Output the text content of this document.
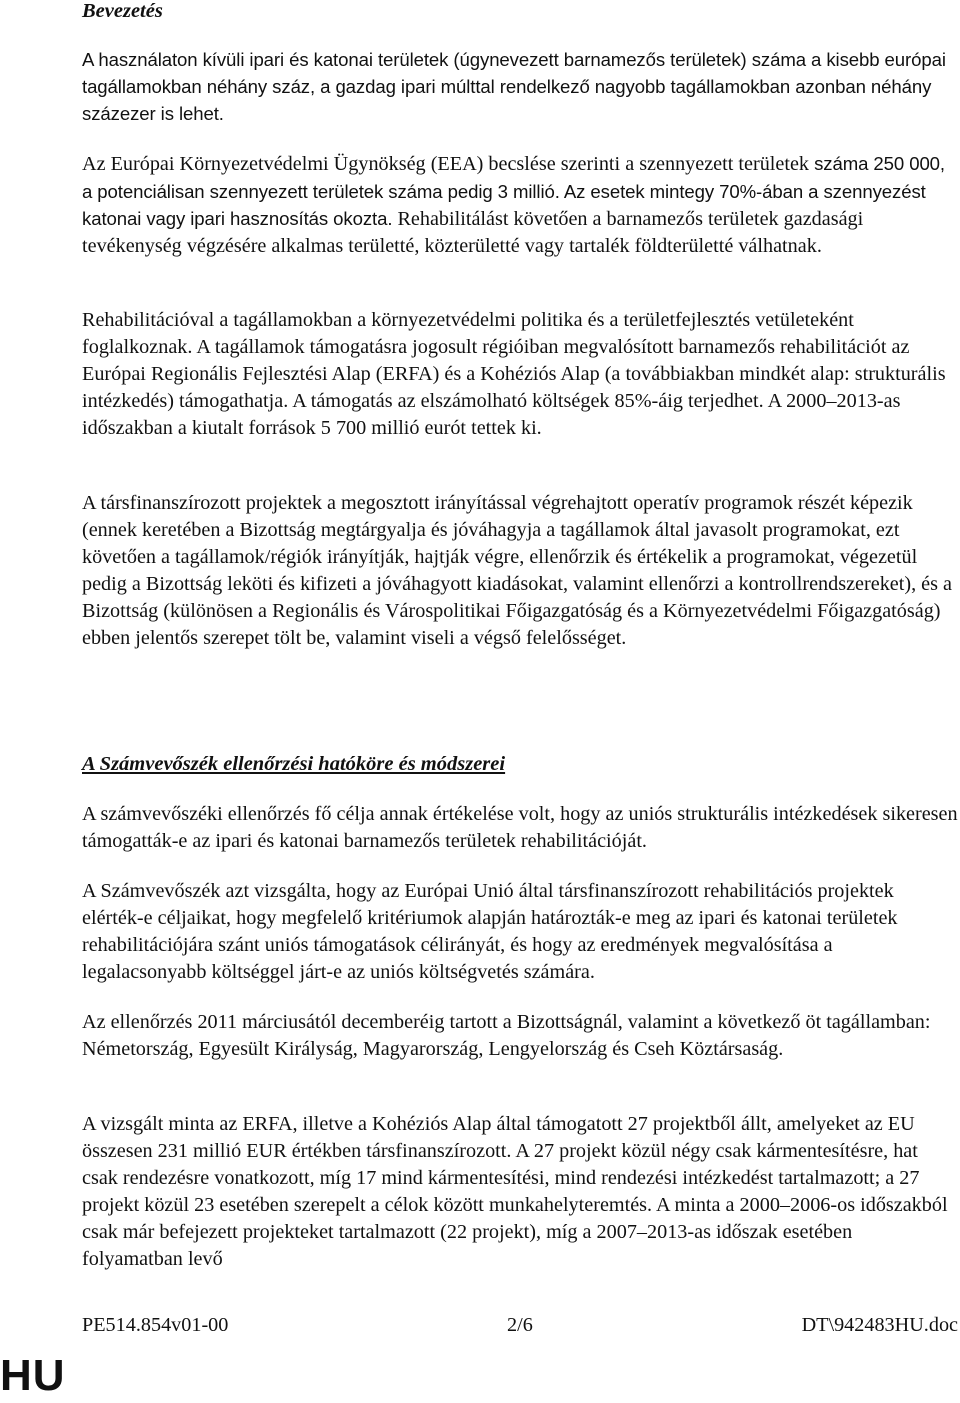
Bevezetés

A használaton kívüli ipari és katonai területek (úgynevezett barnamezős területek) száma a kisebb európai tagállamokban néhány száz, a gazdag ipari múlttal rendelkező nagyobb tagállamokban azonban néhány százezer is lehet.

Az Európai Környezetvédelmi Ügynökség (EEA) becslése szerinti a szennyezett területek száma 250 000, a potenciálisan szennyezett területek száma pedig 3 millió. Az esetek mintegy 70%-ában a szennyezést katonai vagy ipari hasznosítás okozta. Rehabilitálást követően a barnamezős területek gazdasági tevékenység végzésére alkalmas területté, közterületté vagy tartalék földterületté válhatnak.

Rehabilitációval a tagállamokban a környezetvédelmi politika és a területfejlesztés vetületeként foglalkoznak. A tagállamok támogatásra jogosult régióiban megvalósított barnamezős rehabilitációt az Európai Regionális Fejlesztési Alap (ERFA) és a Kohéziós Alap (a továbbiakban mindkét alap: strukturális intézkedés) támogathatja. A támogatás az elszámolható költségek 85%-áig terjedhet. A 2000–2013-as időszakban a kiutalt források 5 700 millió eurót tettek ki.

A társfinanszírozott projektek a megosztott irányítással végrehajtott operatív programok részét képezik (ennek keretében a Bizottság megtárgyalja és jóváhagyja a tagállamok által javasolt programokat, ezt követően a tagállamok/régiók irányítják, hajtják végre, ellenőrzik és értékelik a programokat, végezetül pedig a Bizottság leköti és kifizeti a jóváhagyott kiadásokat, valamint ellenőrzi a kontrollrendszereket), és a Bizottság (különösen a Regionális és Várospolitikai Főigazgatóság és a Környezetvédelmi Főigazgatóság) ebben jelentős szerepet tölt be, valamint viseli a végső felelősséget.

A Számvevőszék ellenőrzési hatóköre és módszerei

A számvevőszéki ellenőrzés fő célja annak értékelése volt, hogy az uniós strukturális intézkedések sikeresen támogatták-e az ipari és katonai barnamezős területek rehabilitációját.

A Számvevőszék azt vizsgálta, hogy az Európai Unió által társfinanszírozott rehabilitációs projektek elérték-e céljaikat, hogy megfelelő kritériumok alapján határozták-e meg az ipari és katonai területek rehabilitációjára szánt uniós támogatások célirányát, és hogy az eredmények megvalósítása a legalacsonyabb költséggel járt-e az uniós költségvetés számára.

Az ellenőrzés 2011 márciusától decemberéig tartott a Bizottságnál, valamint a következő öt tagállamban: Németország, Egyesült Királyság, Magyarország, Lengyelország és Cseh Köztársaság.

A vizsgált minta az ERFA, illetve a Kohéziós Alap által támogatott 27 projektből állt, amelyeket az EU összesen 231 millió EUR értékben társfinanszírozott. A 27 projekt közül négy csak kármentesítésre, hat csak rendezésre vonatkozott, míg 17 mind kármentesítési, mind rendezési intézkedést tartalmazott; a 27 projekt közül 23 esetében szerepelt a célok között munkahelyteremtés. A minta a 2000–2006-os időszakból csak már befejezett projekteket tartalmazott (22 projekt), míg a 2007–2013-as időszak esetében folyamatban levő

PE514.854v01-00	2/6	DT\942483HU.doc
HU
